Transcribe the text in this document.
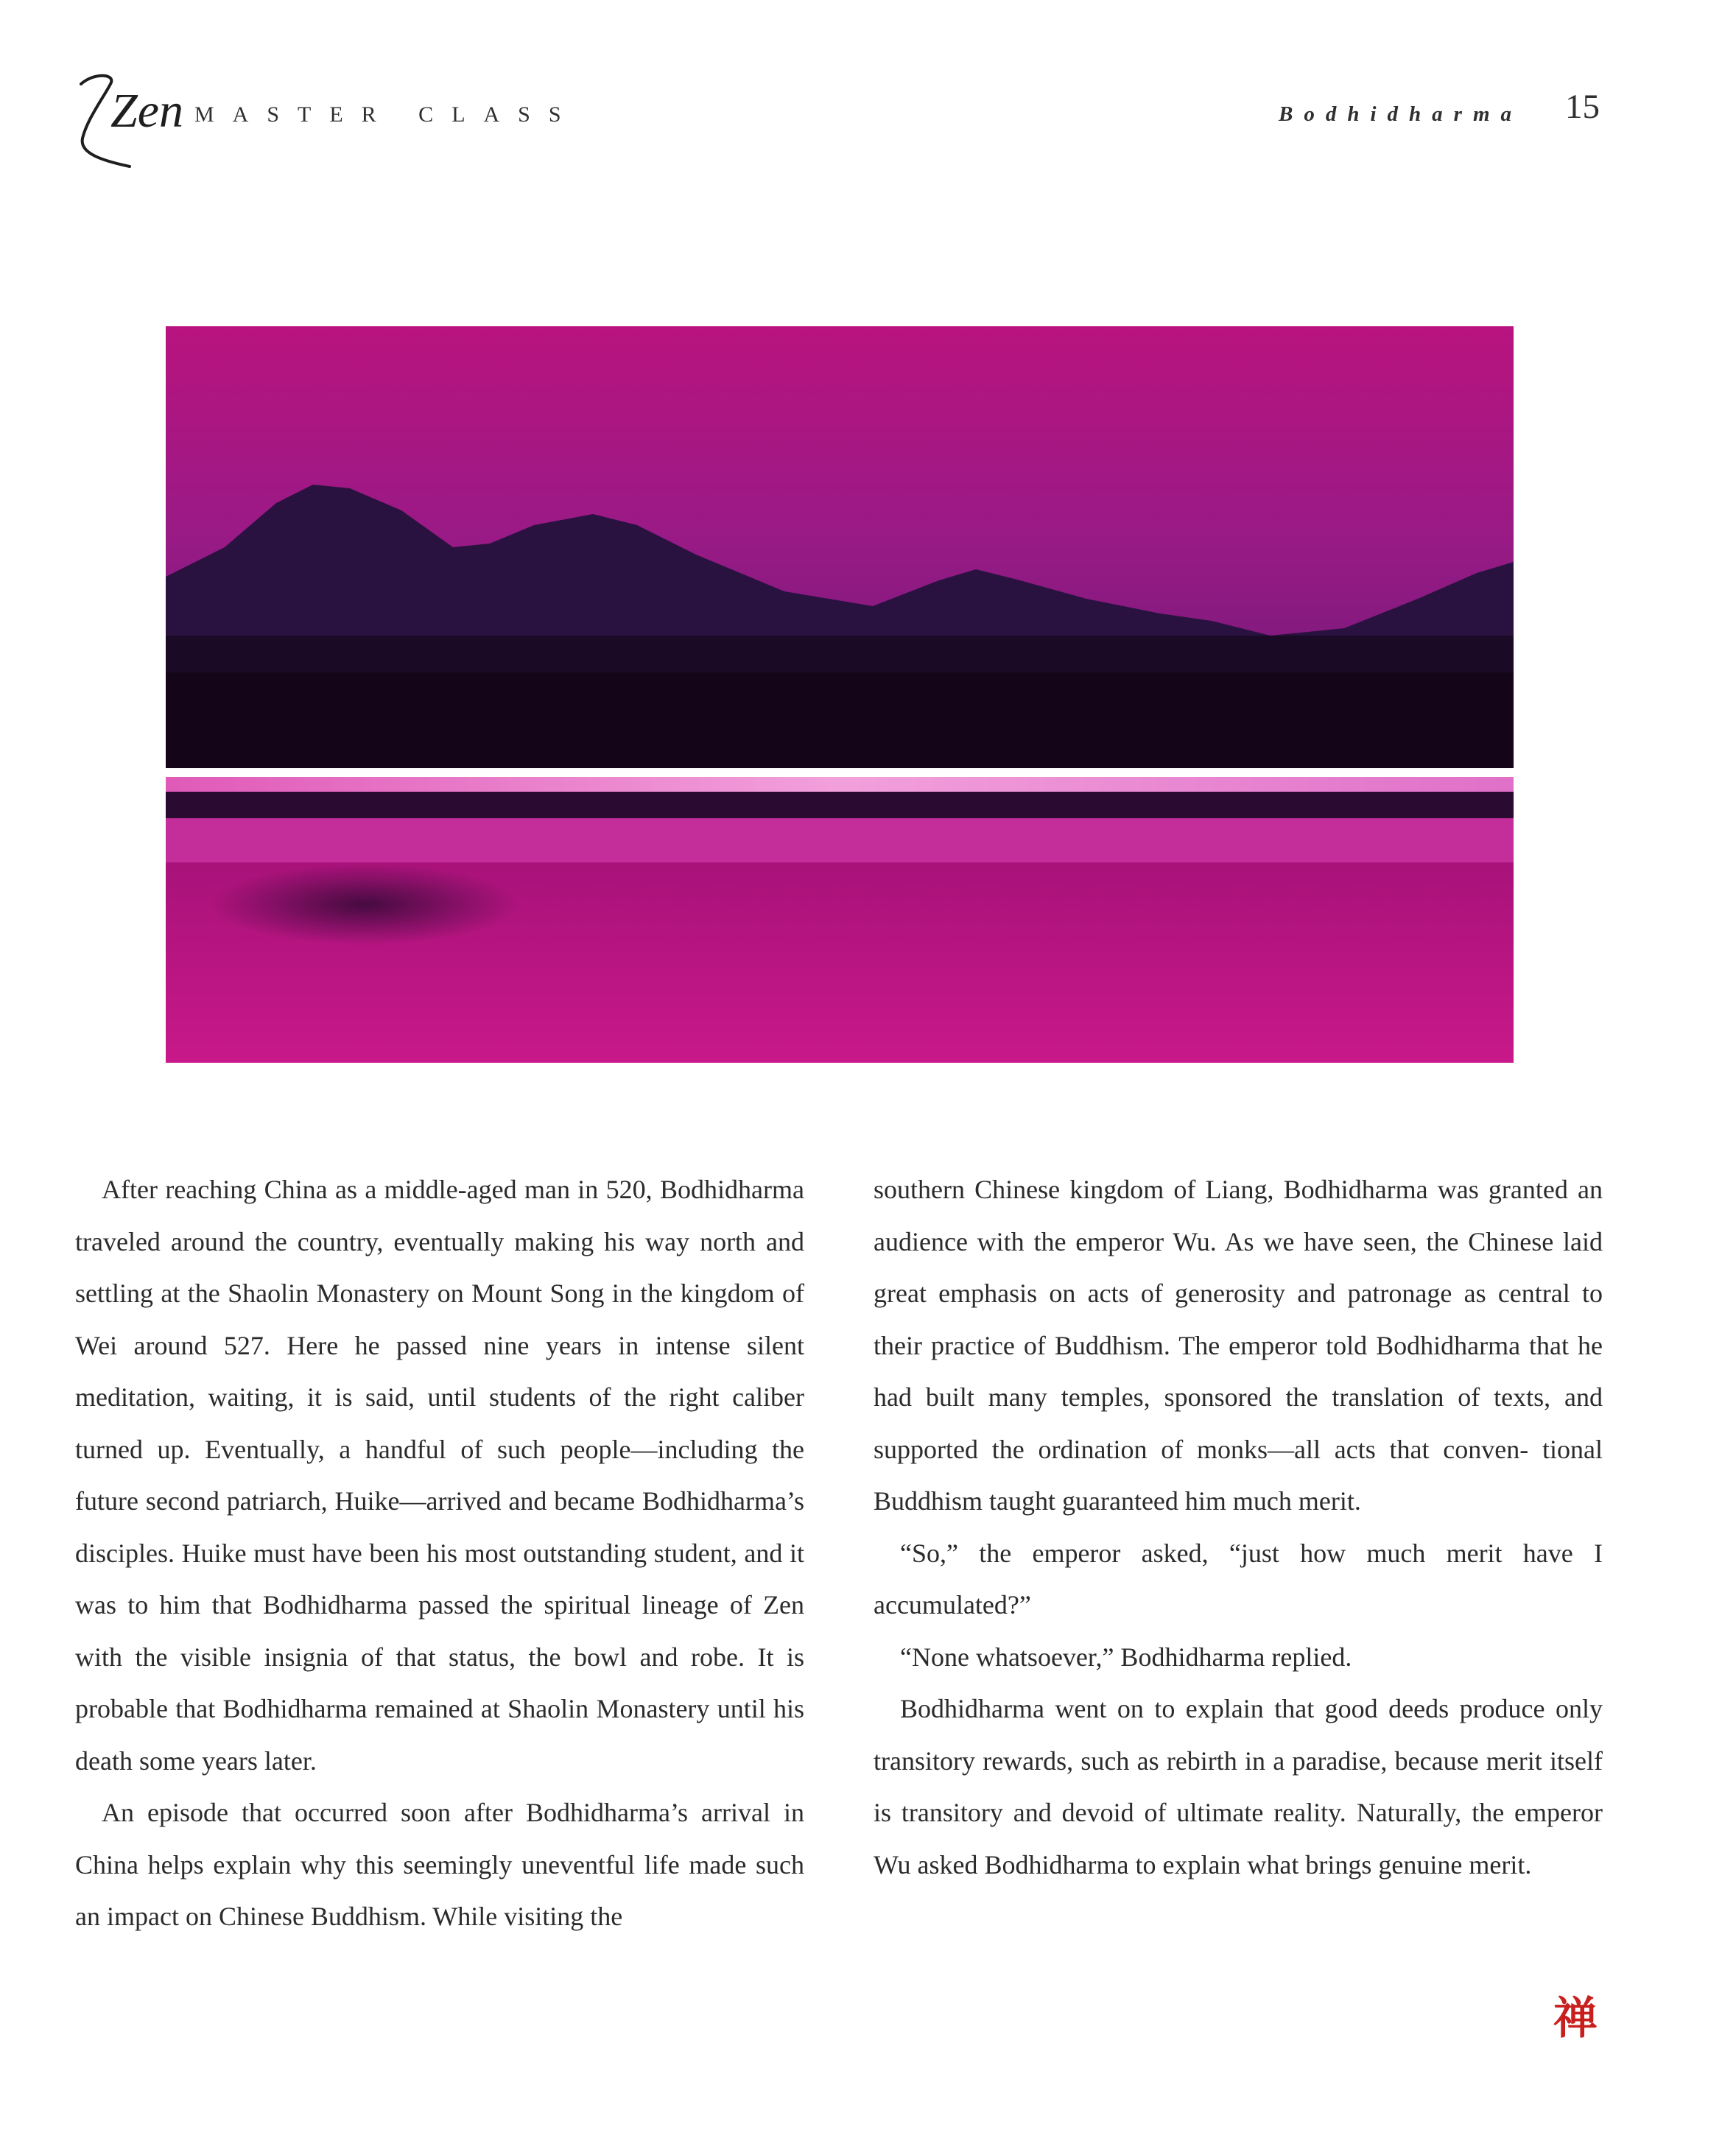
Zen MASTER CLASS	Bodhidharma 15

After reaching China as a middle-aged man in 520, Bodhidharma traveled around the country, eventually making his way north and settling at the Shaolin Monastery on Mount Song in the kingdom of Wei around 527. Here he passed nine years in intense silent meditation, waiting, it is said, until students of the right caliber turned up. Eventually, a handful of such people—including the future second patriarch, Huike—arrived and became Bodhidharma’s disciples. Huike must have been his most outstanding student, and it was to him that Bodhidharma passed the spiritual lineage of Zen with the visible insignia of that status, the bowl and robe. It is probable that Bodhidharma remained at Shaolin Monastery until his death some years later.

An episode that occurred soon after Bodhidharma’s arrival in China helps explain why this seemingly uneventful life made such an impact on Chinese Buddhism. While visiting the

southern Chinese kingdom of Liang, Bodhidharma was granted an audience with the emperor Wu. As we have seen, the Chinese laid great emphasis on acts of generosity and patronage as central to their practice of Buddhism. The emperor told Bodhidharma that he had built many temples, sponsored the translation of texts, and supported the ordination of monks—all acts that conven- tional Buddhism taught guaranteed him much merit.

“So,” the emperor asked, “just how much merit have I accumulated?”

“None whatsoever,” Bodhidharma replied.

Bodhidharma went on to explain that good deeds produce only transitory rewards, such as rebirth in a paradise, because merit itself is transitory and devoid of ultimate reality. Naturally, the emperor Wu asked Bodhidharma to explain what brings genuine merit.

禅
